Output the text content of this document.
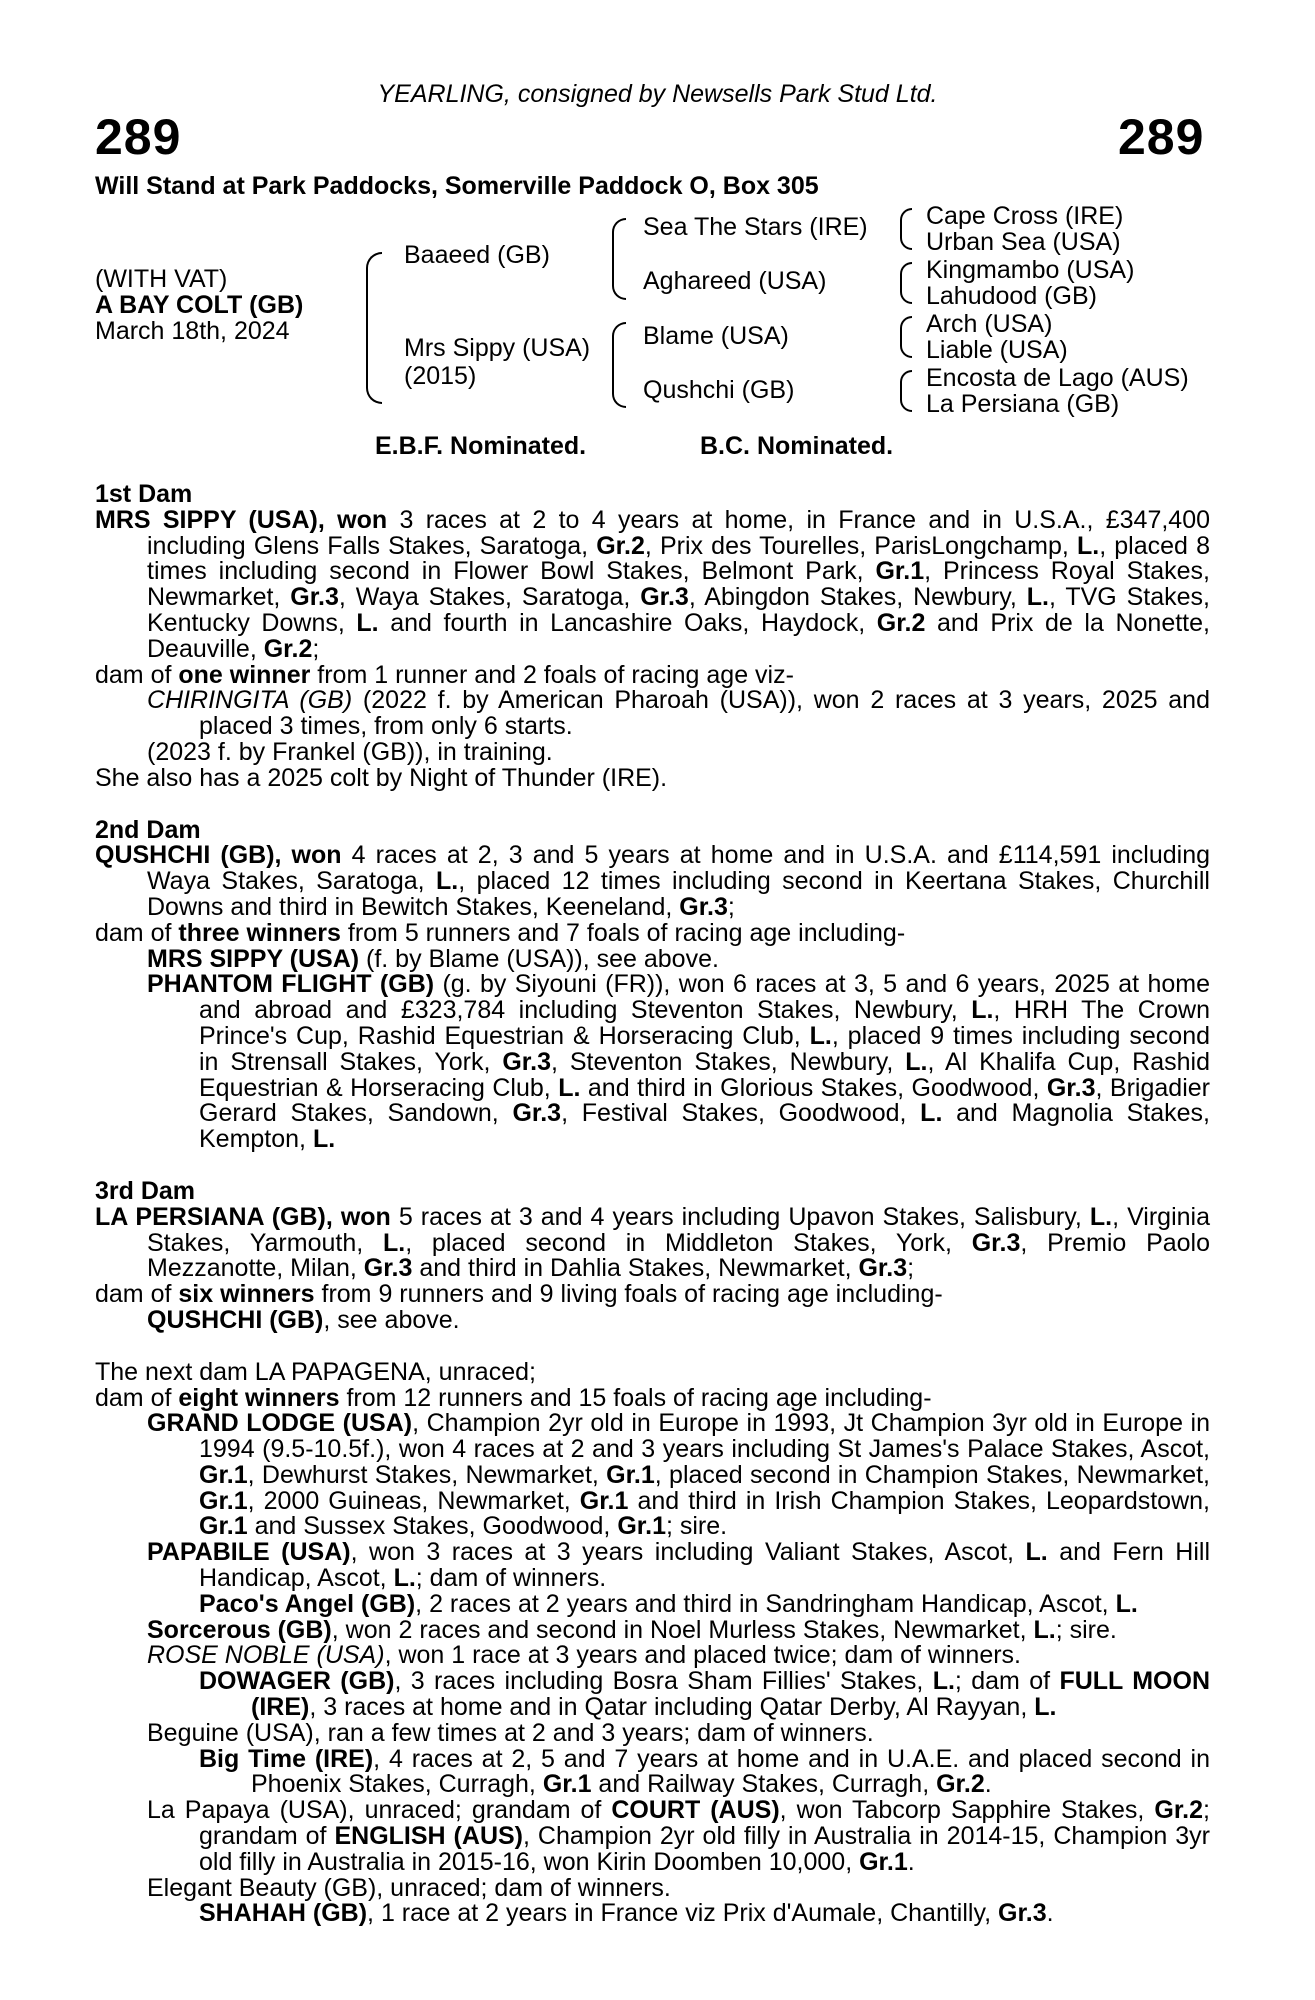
YEARLING, consigned by Newsells Park Stud Ltd.
289	289
Will Stand at Park Paddocks, Somerville Paddock O, Box 305
(WITH VAT)
A BAY COLT (GB)
March 18th, 2024
Baaeed (GB)
Mrs Sippy (USA)
(2015)
Sea The Stars (IRE)
Aghareed (USA)
Blame (USA)
Qushchi (GB)
Cape Cross (IRE)
Urban Sea (USA)
Kingmambo (USA)
Lahudood (GB)
Arch (USA)
Liable (USA)
Encosta de Lago (AUS)
La Persiana (GB)
E.B.F. Nominated.	B.C. Nominated.

1st Dam

MRS SIPPY (USA), won 3 races at 2 to 4 years at home, in France and in U.S.A., £347,400 including Glens Falls Stakes, Saratoga, Gr.2, Prix des Tourelles, ParisLongchamp, L., placed 8 times including second in Flower Bowl Stakes, Belmont Park, Gr.1, Princess Royal Stakes, Newmarket, Gr.3, Waya Stakes, Saratoga, Gr.3, Abingdon Stakes, Newbury, L., TVG Stakes, Kentucky Downs, L. and fourth in Lancashire Oaks, Haydock, Gr.2 and Prix de la Nonette, Deauville, Gr.2;

dam of one winner from 1 runner and 2 foals of racing age viz-

CHIRINGITA (GB) (2022 f. by American Pharoah (USA)), won 2 races at 3 years, 2025 and placed 3 times, from only 6 starts.

(2023 f. by Frankel (GB)), in training.

She also has a 2025 colt by Night of Thunder (IRE).

2nd Dam

QUSHCHI (GB), won 4 races at 2, 3 and 5 years at home and in U.S.A. and £114,591 including Waya Stakes, Saratoga, L., placed 12 times including second in Keertana Stakes, Churchill Downs and third in Bewitch Stakes, Keeneland, Gr.3;

dam of three winners from 5 runners and 7 foals of racing age including-

MRS SIPPY (USA) (f. by Blame (USA)), see above.

PHANTOM FLIGHT (GB) (g. by Siyouni (FR)), won 6 races at 3, 5 and 6 years, 2025 at home and abroad and £323,784 including Steventon Stakes, Newbury, L., HRH The Crown Prince's Cup, Rashid Equestrian & Horseracing Club, L., placed 9 times including second in Strensall Stakes, York, Gr.3, Steventon Stakes, Newbury, L., Al Khalifa Cup, Rashid Equestrian & Horseracing Club, L. and third in Glorious Stakes, Goodwood, Gr.3, Brigadier Gerard Stakes, Sandown, Gr.3, Festival Stakes, Goodwood, L. and Magnolia Stakes, Kempton, L.

3rd Dam

LA PERSIANA (GB), won 5 races at 3 and 4 years including Upavon Stakes, Salisbury, L., Virginia Stakes, Yarmouth, L., placed second in Middleton Stakes, York, Gr.3, Premio Paolo Mezzanotte, Milan, Gr.3 and third in Dahlia Stakes, Newmarket, Gr.3;

dam of six winners from 9 runners and 9 living foals of racing age including-

QUSHCHI (GB), see above.

The next dam LA PAPAGENA, unraced;

dam of eight winners from 12 runners and 15 foals of racing age including-

GRAND LODGE (USA), Champion 2yr old in Europe in 1993, Jt Champion 3yr old in Europe in 1994 (9.5-10.5f.), won 4 races at 2 and 3 years including St James's Palace Stakes, Ascot, Gr.1, Dewhurst Stakes, Newmarket, Gr.1, placed second in Champion Stakes, Newmarket, Gr.1, 2000 Guineas, Newmarket, Gr.1 and third in Irish Champion Stakes, Leopardstown, Gr.1 and Sussex Stakes, Goodwood, Gr.1; sire.

PAPABILE (USA), won 3 races at 3 years including Valiant Stakes, Ascot, L. and Fern Hill Handicap, Ascot, L.; dam of winners.

Paco's Angel (GB), 2 races at 2 years and third in Sandringham Handicap, Ascot, L.

Sorcerous (GB), won 2 races and second in Noel Murless Stakes, Newmarket, L.; sire.

ROSE NOBLE (USA), won 1 race at 3 years and placed twice; dam of winners.

DOWAGER (GB), 3 races including Bosra Sham Fillies' Stakes, L.; dam of FULL MOON (IRE), 3 races at home and in Qatar including Qatar Derby, Al Rayyan, L.

Beguine (USA), ran a few times at 2 and 3 years; dam of winners.

Big Time (IRE), 4 races at 2, 5 and 7 years at home and in U.A.E. and placed second in Phoenix Stakes, Curragh, Gr.1 and Railway Stakes, Curragh, Gr.2.

La Papaya (USA), unraced; grandam of COURT (AUS), won Tabcorp Sapphire Stakes, Gr.2; grandam of ENGLISH (AUS), Champion 2yr old filly in Australia in 2014-15, Champion 3yr old filly in Australia in 2015-16, won Kirin Doomben 10,000, Gr.1.

Elegant Beauty (GB), unraced; dam of winners.

SHAHAH (GB), 1 race at 2 years in France viz Prix d'Aumale, Chantilly, Gr.3.
